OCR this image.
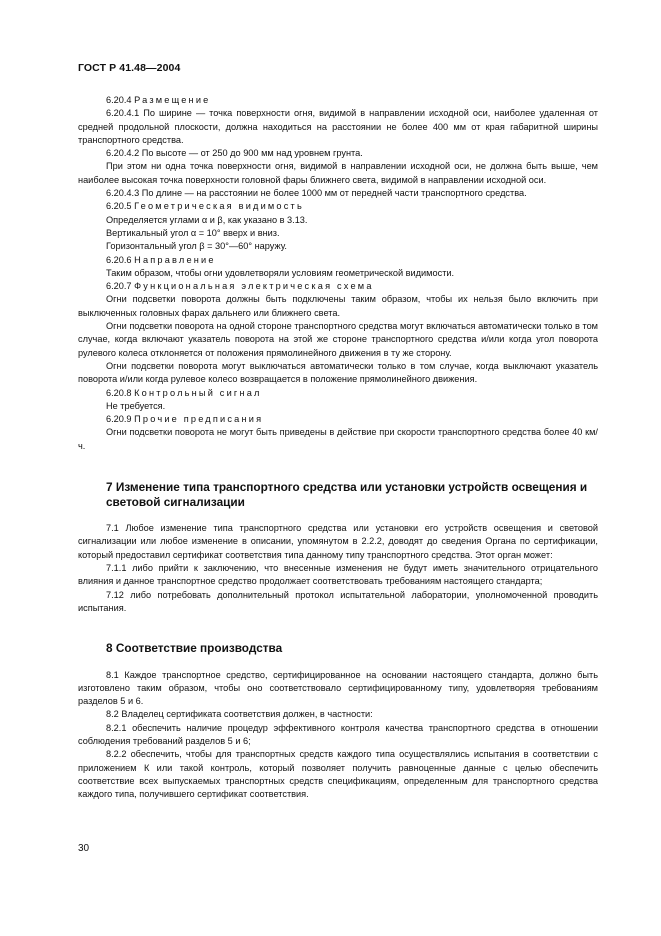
ГОСТ Р 41.48—2004

6.20.4 Размещение

6.20.4.1 По ширине — точка поверхности огня, видимой в направлении исходной оси, наиболее удаленная от средней продольной плоскости, должна находиться на расстоянии не более 400 мм от края габаритной ширины транспортного средства.

6.20.4.2 По высоте — от 250 до 900 мм над уровнем грунта.

При этом ни одна точка поверхности огня, видимой в направлении исходной оси, не должна быть выше, чем наиболее высокая точка поверхности головной фары ближнего света, видимой в направлении исходной оси.

6.20.4.3 По длине — на расстоянии не более 1000 мм от передней части транспортного средства.

6.20.5 Геометрическая видимость

Определяется углами α и β, как указано в 3.13.

Вертикальный угол α = 10° вверх и вниз.

Горизонтальный угол β = 30°—60° наружу.

6.20.6 Направление

Таким образом, чтобы огни удовлетворяли условиям геометрической видимости.

6.20.7 Функциональная электрическая схема

Огни подсветки поворота должны быть подключены таким образом, чтобы их нельзя было включить при выключенных головных фарах дальнего или ближнего света.

Огни подсветки поворота на одной стороне транспортного средства могут включаться автоматически только в том случае, когда включают указатель поворота на этой же стороне транспортного средства и/или когда угол поворота рулевого колеса отклоняется от положения прямолинейного движения в ту же сторону.

Огни подсветки поворота могут выключаться автоматически только в том случае, когда выключают указатель поворота и/или когда рулевое колесо возвращается в положение прямолинейного движения.

6.20.8 Контрольный сигнал

Не требуется.

6.20.9 Прочие предписания

Огни подсветки поворота не могут быть приведены в действие при скорости транспортного средства более 40 км/ч.

7 Изменение типа транспортного средства или установки устройств освещения и световой сигнализации

7.1 Любое изменение типа транспортного средства или установки его устройств освещения и световой сигнализации или любое изменение в описании, упомянутом в 2.2.2, доводят до сведения Органа по сертификации, который предоставил сертификат соответствия типа данному типу транспортного средства. Этот орган может:

7.1.1 либо прийти к заключению, что внесенные изменения не будут иметь значительного отрицательного влияния и данное транспортное средство продолжает соответствовать требованиям настоящего стандарта;

7.12 либо потребовать дополнительный протокол испытательной лаборатории, уполномоченной проводить испытания.

8 Соответствие производства

8.1 Каждое транспортное средство, сертифицированное на основании настоящего стандарта, должно быть изготовлено таким образом, чтобы оно соответствовало сертифицированному типу, удовлетворяя требованиям разделов 5 и 6.

8.2 Владелец сертификата соответствия должен, в частности:

8.2.1 обеспечить наличие процедур эффективного контроля качества транспортного средства в отношении соблюдения требований разделов 5 и 6;

8.2.2 обеспечить, чтобы для транспортных средств каждого типа осуществлялись испытания в соответствии с приложением К или такой контроль, который позволяет получить равноценные данные с целью обеспечить соответствие всех выпускаемых транспортных средств спецификациям, определенным для транспортного средства каждого типа, получившего сертификат соответствия.

30
